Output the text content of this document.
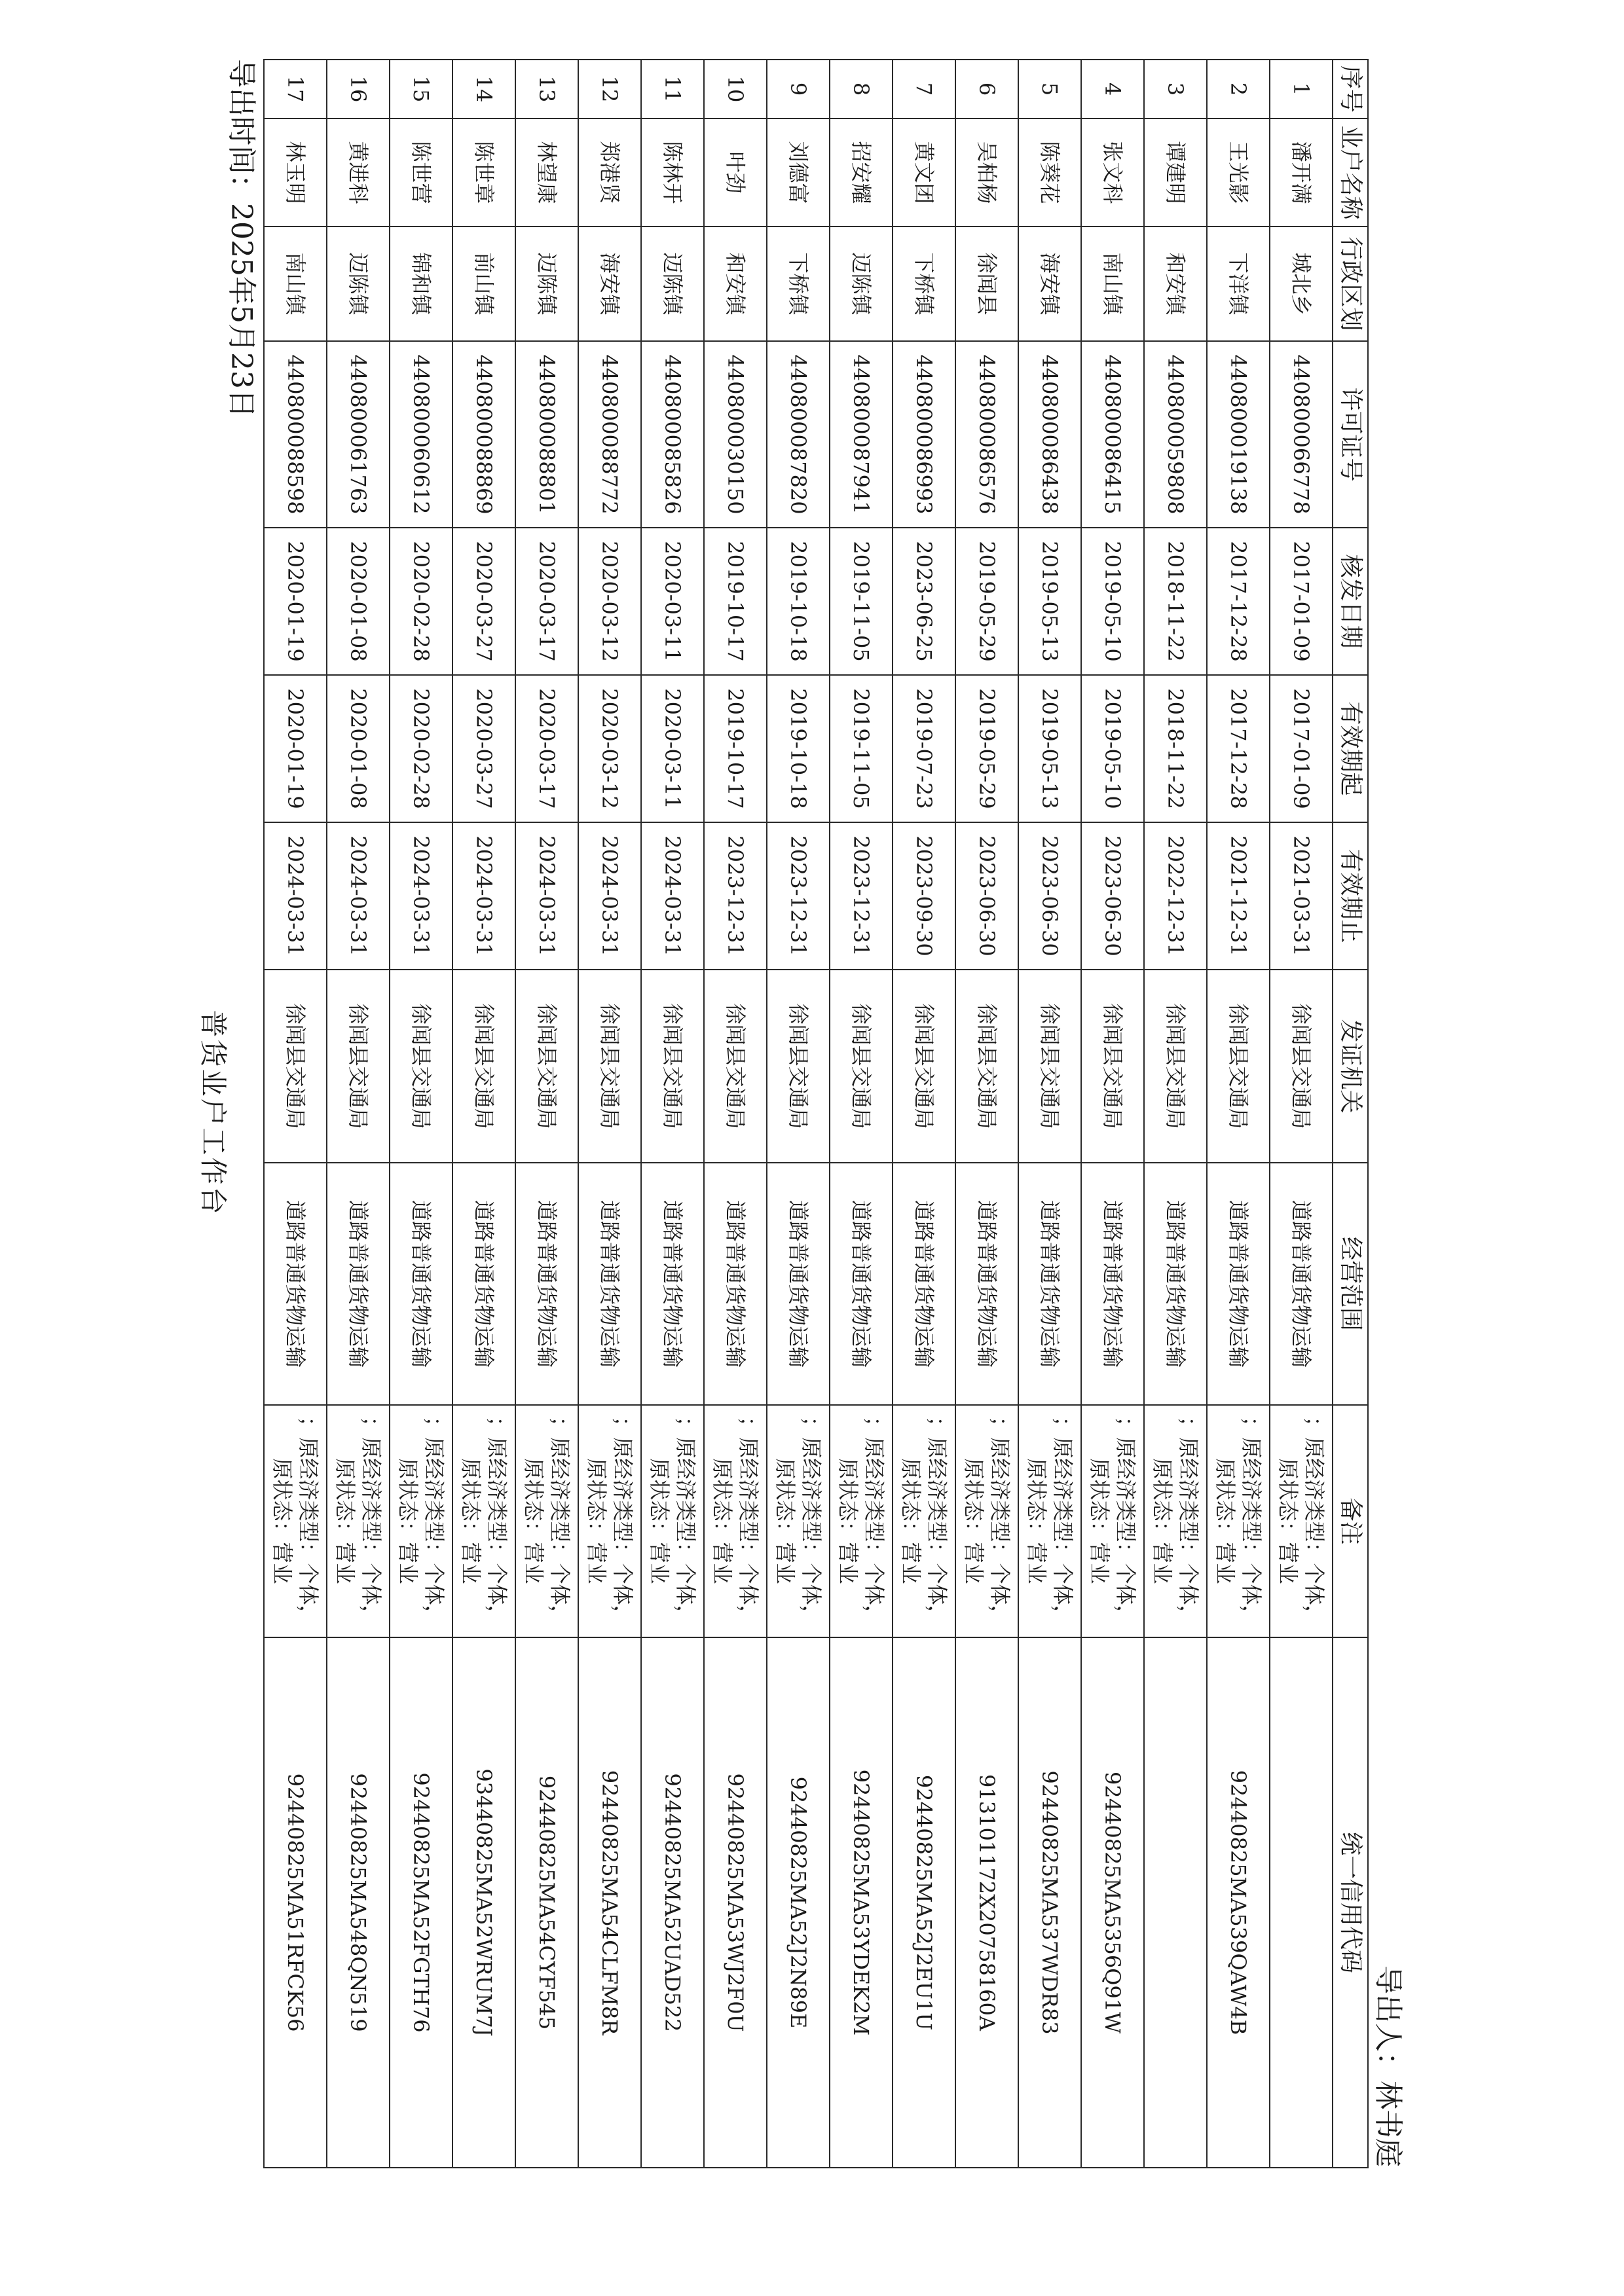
导出时间：2025年5月23日
导出人：林书庭
序号	业户名称	行政区划	许可证号	核发日期	有效期起	有效期止	发证机关	经营范围	备注	统一信用代码
1	潘开满	城北乡	440800066778	2017-01-09	2017-01-09	2021-03-31	徐闻县交通局	道路普通货物运输	；原经济类型：个体，原状态：营业	
2	王光影	下洋镇	440800019138	2017-12-28	2017-12-28	2021-12-31	徐闻县交通局	道路普通货物运输	；原经济类型：个体，原状态：营业	92440825MA539QAW4B
3	谭建明	和安镇	440800059808	2018-11-22	2018-11-22	2022-12-31	徐闻县交通局	道路普通货物运输	；原经济类型：个体，原状态：营业	
4	张文科	南山镇	440800086415	2019-05-10	2019-05-10	2023-06-30	徐闻县交通局	道路普通货物运输	；原经济类型：个体，原状态：营业	92440825MA5356Q91W
5	陈葵花	海安镇	440800086438	2019-05-13	2019-05-13	2023-06-30	徐闻县交通局	道路普通货物运输	；原经济类型：个体，原状态：营业	92440825MA537WDR83
6	吴柏杨	徐闻县	440800086576	2019-05-29	2019-05-29	2023-06-30	徐闻县交通局	道路普通货物运输	；原经济类型：个体，原状态：营业	913101172X20758160A
7	黄文团	下桥镇	440800086993	2023-06-25	2019-07-23	2023-09-30	徐闻县交通局	道路普通货物运输	；原经济类型：个体，原状态：营业	92440825MA52J2EU1U
8	招安耀	迈陈镇	440800087941	2019-11-05	2019-11-05	2023-12-31	徐闻县交通局	道路普通货物运输	；原经济类型：个体，原状态：营业	92440825MA53YDEK2M
9	刘德富	下桥镇	440800087820	2019-10-18	2019-10-18	2023-12-31	徐闻县交通局	道路普通货物运输	；原经济类型：个体，原状态：营业	92440825MA52J2N89E
10	叶劲	和安镇	440800030150	2019-10-17	2019-10-17	2023-12-31	徐闻县交通局	道路普通货物运输	；原经济类型：个体，原状态：营业	92440825MA53WJ2F0U
11	陈林开	迈陈镇	440800085826	2020-03-11	2020-03-11	2024-03-31	徐闻县交通局	道路普通货物运输	；原经济类型：个体，原状态：营业	92440825MA52UAD522
12	郑港贤	海安镇	440800088772	2020-03-12	2020-03-12	2024-03-31	徐闻县交通局	道路普通货物运输	；原经济类型：个体，原状态：营业	92440825MA54CLFM8R
13	林望康	迈陈镇	440800088801	2020-03-17	2020-03-17	2024-03-31	徐闻县交通局	道路普通货物运输	；原经济类型：个体，原状态：营业	92440825MA54CYF545
14	陈世章	前山镇	440800088869	2020-03-27	2020-03-27	2024-03-31	徐闻县交通局	道路普通货物运输	；原经济类型：个体，原状态：营业	93440825MA52WRUM7J
15	陈世营	锦和镇	440800060612	2020-02-28	2020-02-28	2024-03-31	徐闻县交通局	道路普通货物运输	；原经济类型：个体，原状态：营业	92440825MA52FGTH76
16	黄进科	迈陈镇	440800061763	2020-01-08	2020-01-08	2024-03-31	徐闻县交通局	道路普通货物运输	；原经济类型：个体，原状态：营业	92440825MA548QN519
17	林玉明	南山镇	440800088598	2020-01-19	2020-01-19	2024-03-31	徐闻县交通局	道路普通货物运输	；原经济类型：个体，原状态：营业	92440825MA51RFCK56
普货业户工作台
